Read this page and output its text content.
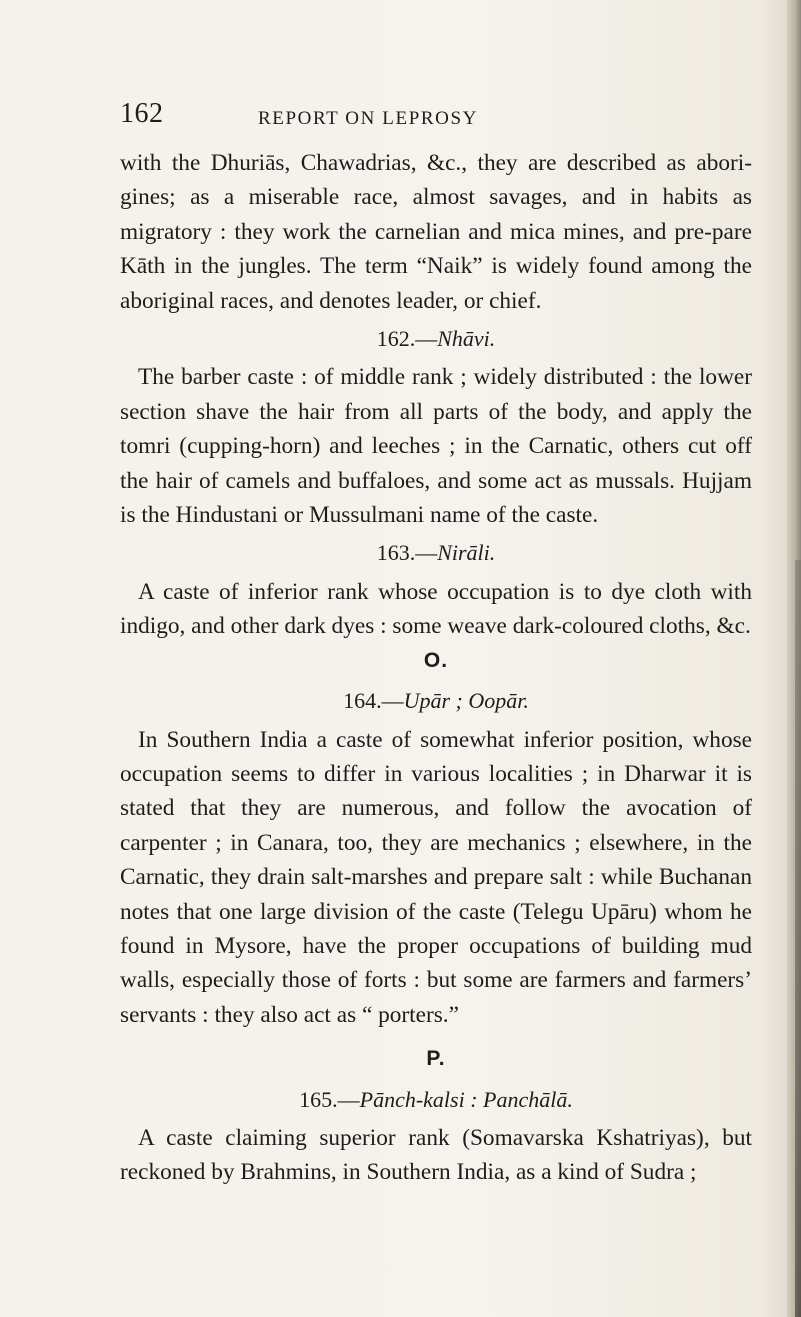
162	REPORT ON LEPROSY

with the Dhuriās, Chawadrias, &c., they are described as abori-gines; as a miserable race, almost savages, and in habits as migratory : they work the carnelian and mica mines, and pre-pare Kāth in the jungles. The term “Naik” is widely found among the aboriginal races, and denotes leader, or chief.

162.—Nhāvi.

The barber caste : of middle rank ; widely distributed : the lower section shave the hair from all parts of the body, and apply the tomri (cupping-horn) and leeches ; in the Carnatic, others cut off the hair of camels and buffaloes, and some act as mussals. Hujjam is the Hindustani or Mussulmani name of the caste.

163.—Nirāli.

A caste of inferior rank whose occupation is to dye cloth with indigo, and other dark dyes : some weave dark-coloured cloths, &c.

O.
164.—Upār ; Oopār.

In Southern India a caste of somewhat inferior position, whose occupation seems to differ in various localities ; in Dharwar it is stated that they are numerous, and follow the avocation of carpenter ; in Canara, too, they are mechanics ; elsewhere, in the Carnatic, they drain salt-marshes and prepare salt : while Buchanan notes that one large division of the caste (Telegu Upāru) whom he found in Mysore, have the proper occupations of building mud walls, especially those of forts : but some are farmers and farmers’ servants : they also act as “ porters.”

P.
165.—Pānch-kalsi : Panchālā.

A caste claiming superior rank (Somavarska Kshatriyas), but reckoned by Brahmins, in Southern India, as a kind of Sudra ;
